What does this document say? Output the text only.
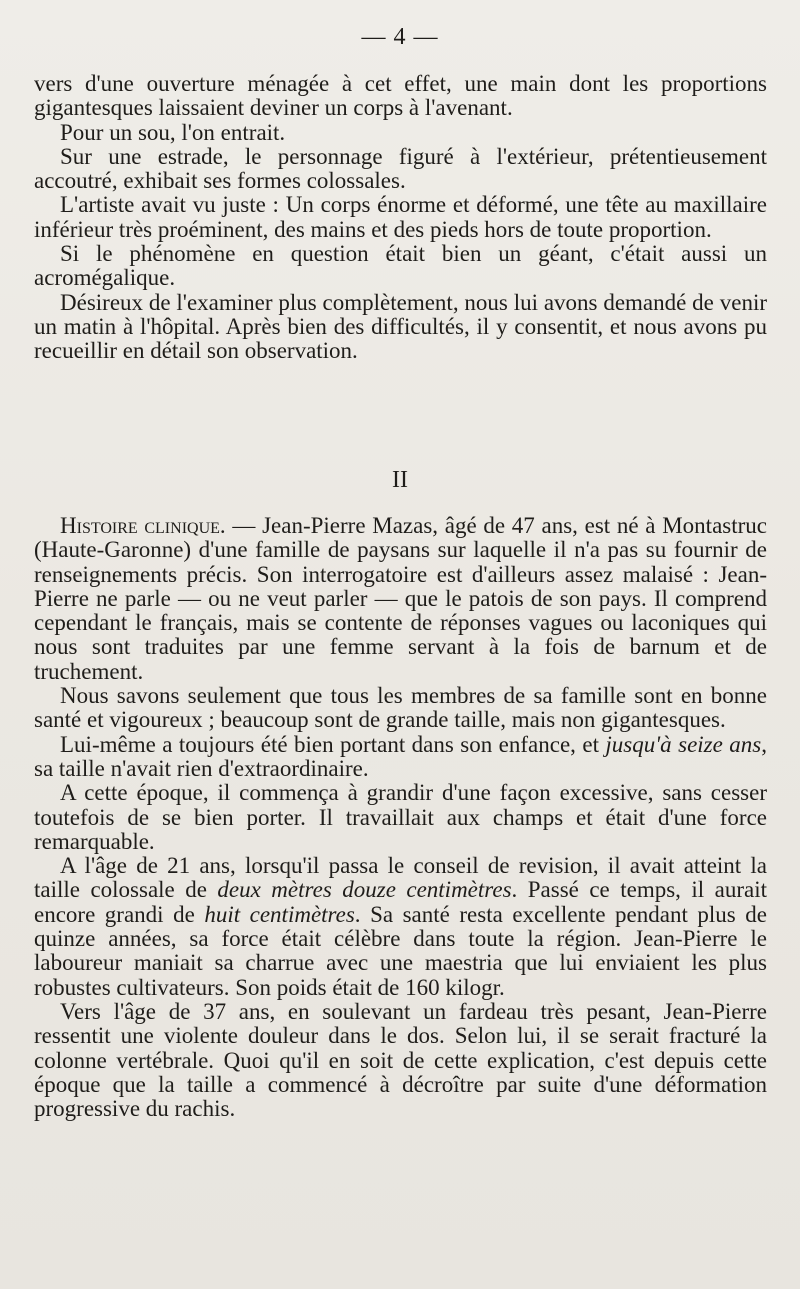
— 4 —

vers d'une ouverture ménagée à cet effet, une main dont les proportions gigantesques laissaient deviner un corps à l'avenant.

Pour un sou, l'on entrait.

Sur une estrade, le personnage figuré à l'extérieur, prétentieusement accoutré, exhibait ses formes colossales.

L'artiste avait vu juste : Un corps énorme et déformé, une tête au maxillaire inférieur très proéminent, des mains et des pieds hors de toute proportion.

Si le phénomène en question était bien un géant, c'était aussi un acromégalique.

Désireux de l'examiner plus complètement, nous lui avons demandé de venir un matin à l'hôpital. Après bien des difficultés, il y consentit, et nous avons pu recueillir en détail son observation.

II

Histoire clinique. — Jean-Pierre Mazas, âgé de 47 ans, est né à Montastruc (Haute-Garonne) d'une famille de paysans sur laquelle il n'a pas su fournir de renseignements précis. Son interrogatoire est d'ailleurs assez malaisé : Jean-Pierre ne parle — ou ne veut parler — que le patois de son pays. Il comprend cependant le français, mais se contente de réponses vagues ou laconiques qui nous sont traduites par une femme servant à la fois de barnum et de truchement.

Nous savons seulement que tous les membres de sa famille sont en bonne santé et vigoureux ; beaucoup sont de grande taille, mais non gigantesques.

Lui-même a toujours été bien portant dans son enfance, et jusqu'à seize ans, sa taille n'avait rien d'extraordinaire.

A cette époque, il commença à grandir d'une façon excessive, sans cesser toutefois de se bien porter. Il travaillait aux champs et était d'une force remarquable.

A l'âge de 21 ans, lorsqu'il passa le conseil de revision, il avait atteint la taille colossale de deux mètres douze centimètres. Passé ce temps, il aurait encore grandi de huit centimètres. Sa santé resta excellente pendant plus de quinze années, sa force était célèbre dans toute la région. Jean-Pierre le laboureur maniait sa charrue avec une maestria que lui enviaient les plus robustes cultivateurs. Son poids était de 160 kilogr.

Vers l'âge de 37 ans, en soulevant un fardeau très pesant, Jean-Pierre ressentit une violente douleur dans le dos. Selon lui, il se serait fracturé la colonne vertébrale. Quoi qu'il en soit de cette explication, c'est depuis cette époque que la taille a commencé à décroître par suite d'une déformation progressive du rachis.
